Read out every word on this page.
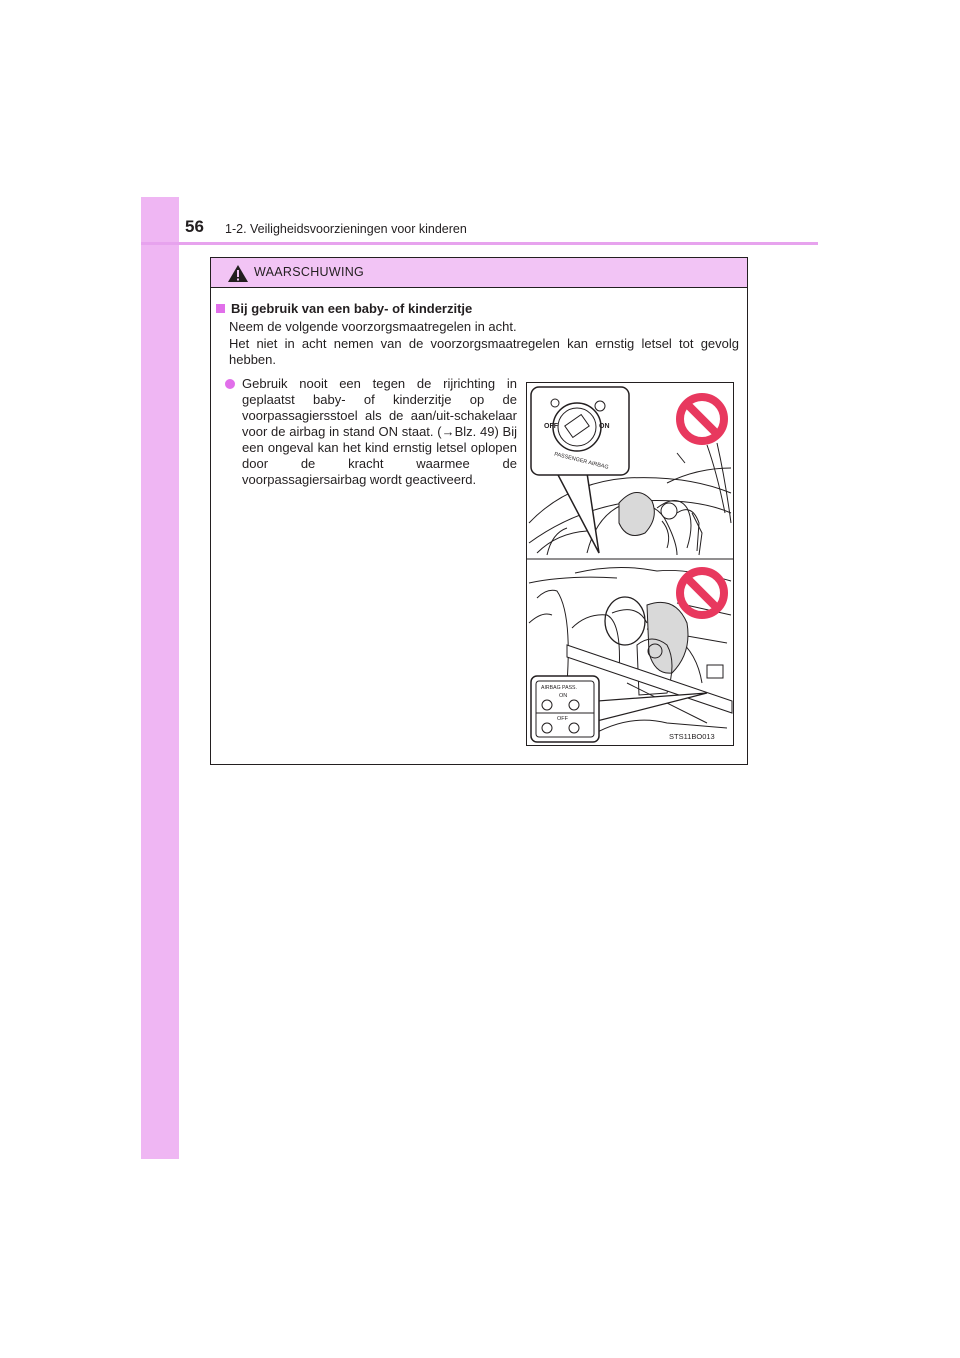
56 1-2. Veiligheidsvoorzieningen voor kinderen
WAARSCHUWING
Bij gebruik van een baby- of kinderzitje
Neem de volgende voorzorgsmaatregelen in acht.
Het niet in acht nemen van de voorzorgsmaatregelen kan ernstig letsel tot gevolg hebben.
Gebruik nooit een tegen de rijrichting in geplaatst baby- of kinderzitje op de voorpassagiersstoel als de aan/uit-schakelaar voor de airbag in stand ON staat. (→Blz. 49) Bij een ongeval kan het kind ernstig letsel oplopen door de kracht waarmee de voorpassagiersairbag wordt geactiveerd.
OFF	ON
PASSENGER AIRBAG
AIRBAG PASS.
ON
OFF
STS11BO013
